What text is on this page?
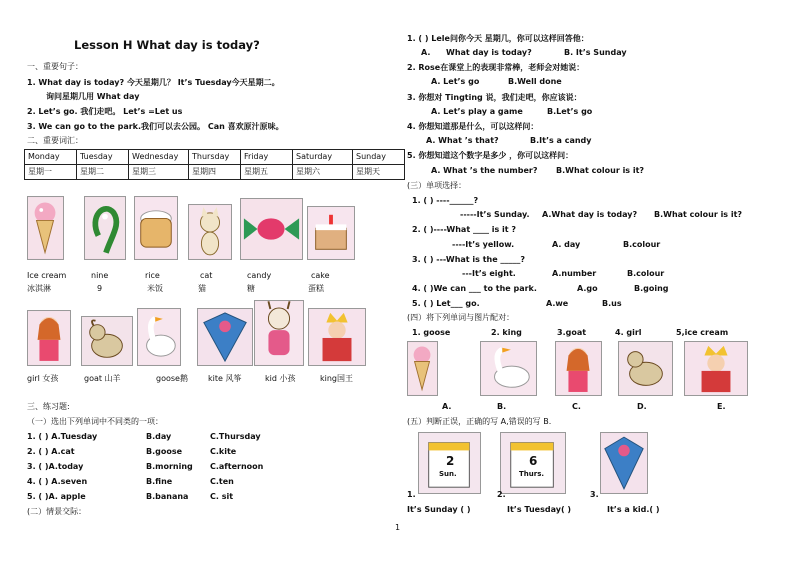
Lesson H What day is today?
一、重要句子：
1. What day is today? 今天星期几？ It’s Tuesday今天星期二。
询问星期几用 What day
2. Let’s go. 我们走吧。 Let’s =Let us
3. We can go to the park.我们可以去公园。 Can 喜欢原汁原味。
二、重要词汇：
Monday	Tuesday	Wednesday	Thursday	Friday	Saturday	Sunday
星期一	星期二	星期三	星期四	星期五	星期六	星期天
Ice cream
冰淇淋
nine
9
rice
米饭
cat
猫
candy
糖
cake
蛋糕
girl 女孩	goat 山羊	goose鹅	kite 风筝	kid 小孩	king国王
三、练习题:
（一）选出下列单词中不同类的一项：
1. ( ) A.Tuesday	B.day	C.Thursday
2. ( ) A.cat	B.goose	C.kite
3. ( )A.today	B.morning C.afternoon
4. ( ) A.seven	B.fine	C.ten
5. ( )A. apple	B.banana	C. sit
(二）情景交际：
1. ( ) Lele问你今天 星期几，你可以这样回答他：
A. What day is today?	B. It’s Sunday
2. Rose在课堂上的表现非常棒，老师会对她说：
A. Let’s go	B.Well done
3. 你想对 Tingting 说，我们走吧，你应该说：
A. Let’s play a game	B.Let’s go
4. 你想知道那是什么，可以这样问：
A. What ’s that?	B.It’s a candy
5. 你想知道这个数字是多少 ，你可以这样问：
A. What ’s the number? B.What colour is it?
(三）单项选择：
1. ( ) ----______?
-----It’s Sunday. A.What day is today? B.What colour is it?
2. ( )----What ____ is it ?
----It’s yellow.	A. day	B.colour
3. ( ) ---What is the _____?
---It’s eight.	A.number	B.colour
4. ( )We can ___ to the park.	A.go	B.going
5. ( ) Let___ go.	A.we	B.us
(四）将下列单词与图片配对：
1. goose	2. king	3.goat	4. girl	5,ice cream
A.	B.	C.	D.	E.
(五）判断正误，正确的写 A,错误的写 B.
2
Sun.
6
Thurs.
1.	2.	3.
It’s Sunday ( )	It’s Tuesday( )	It’s a kid.( )
1
